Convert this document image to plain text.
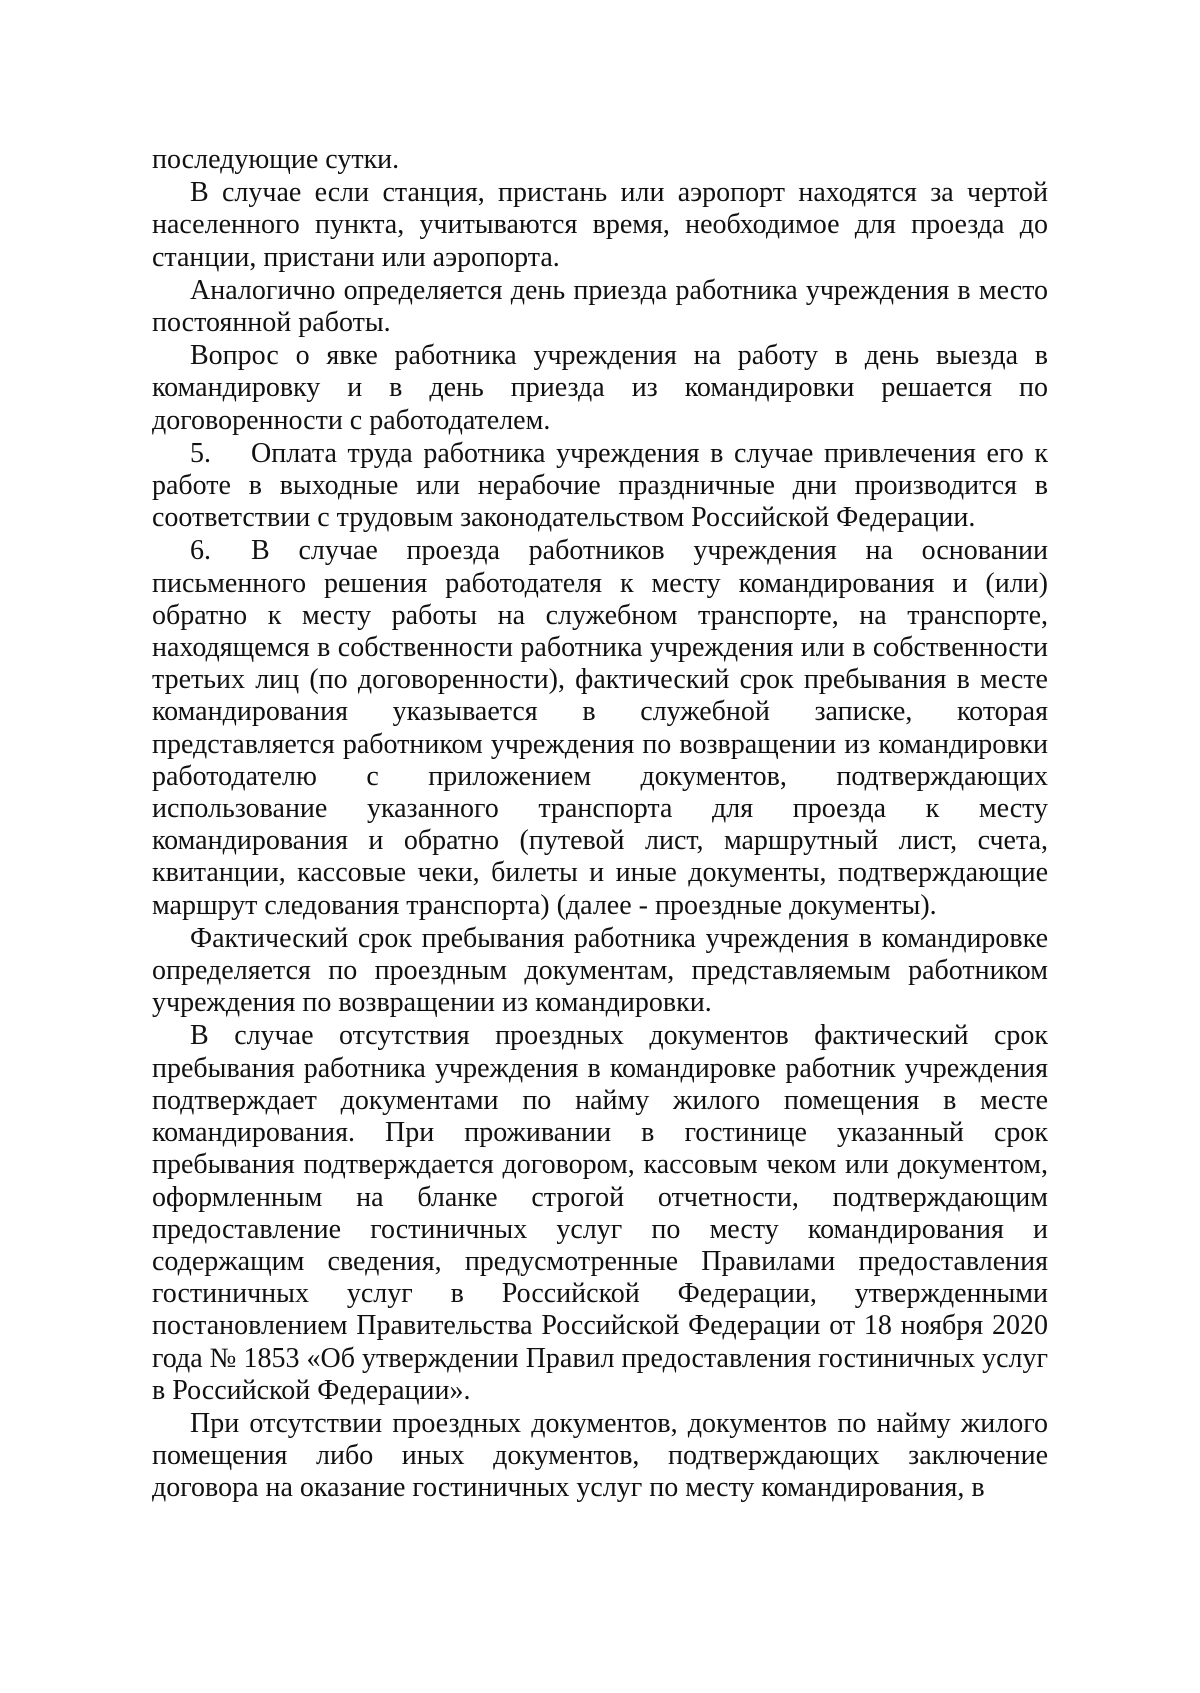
последующие сутки.

В случае если станция, пристань или аэропорт находятся за чертой населенного пункта, учитываются время, необходимое для проезда до станции, пристани или аэропорта.

Аналогично определяется день приезда работника учреждения в место постоянной работы.

Вопрос о явке работника учреждения на работу в день выезда в командировку и в день приезда из командировки решается по договоренности с работодателем.

5. Оплата труда работника учреждения в случае привлечения его к работе в выходные или нерабочие праздничные дни производится в соответствии с трудовым законодательством Российской Федерации.

6. В случае проезда работников учреждения на основании письменного решения работодателя к месту командирования и (или) обратно к месту работы на служебном транспорте, на транспорте, находящемся в собственности работника учреждения или в собственности третьих лиц (по договоренности), фактический срок пребывания в месте командирования указывается в служебной записке, которая представляется работником учреждения по возвращении из командировки работодателю с приложением документов, подтверждающих использование указанного транспорта для проезда к месту командирования и обратно (путевой лист, маршрутный лист, счета, квитанции, кассовые чеки, билеты и иные документы, подтверждающие маршрут следования транспорта) (далее - проездные документы).

Фактический срок пребывания работника учреждения в командировке определяется по проездным документам, представляемым работником учреждения по возвращении из командировки.

В случае отсутствия проездных документов фактический срок пребывания работника учреждения в командировке работник учреждения подтверждает документами по найму жилого помещения в месте командирования. При проживании в гостинице указанный срок пребывания подтверждается договором, кассовым чеком или документом, оформленным на бланке строгой отчетности, подтверждающим предоставление гостиничных услуг по месту командирования и содержащим сведения, предусмотренные Правилами предоставления гостиничных услуг в Российской Федерации, утвержденными постановлением Правительства Российской Федерации от 18 ноября 2020 года № 1853 «Об утверждении Правил предоставления гостиничных услуг в Российской Федерации».

При отсутствии проездных документов, документов по найму жилого помещения либо иных документов, подтверждающих заключение договора на оказание гостиничных услуг по месту командирования, в
